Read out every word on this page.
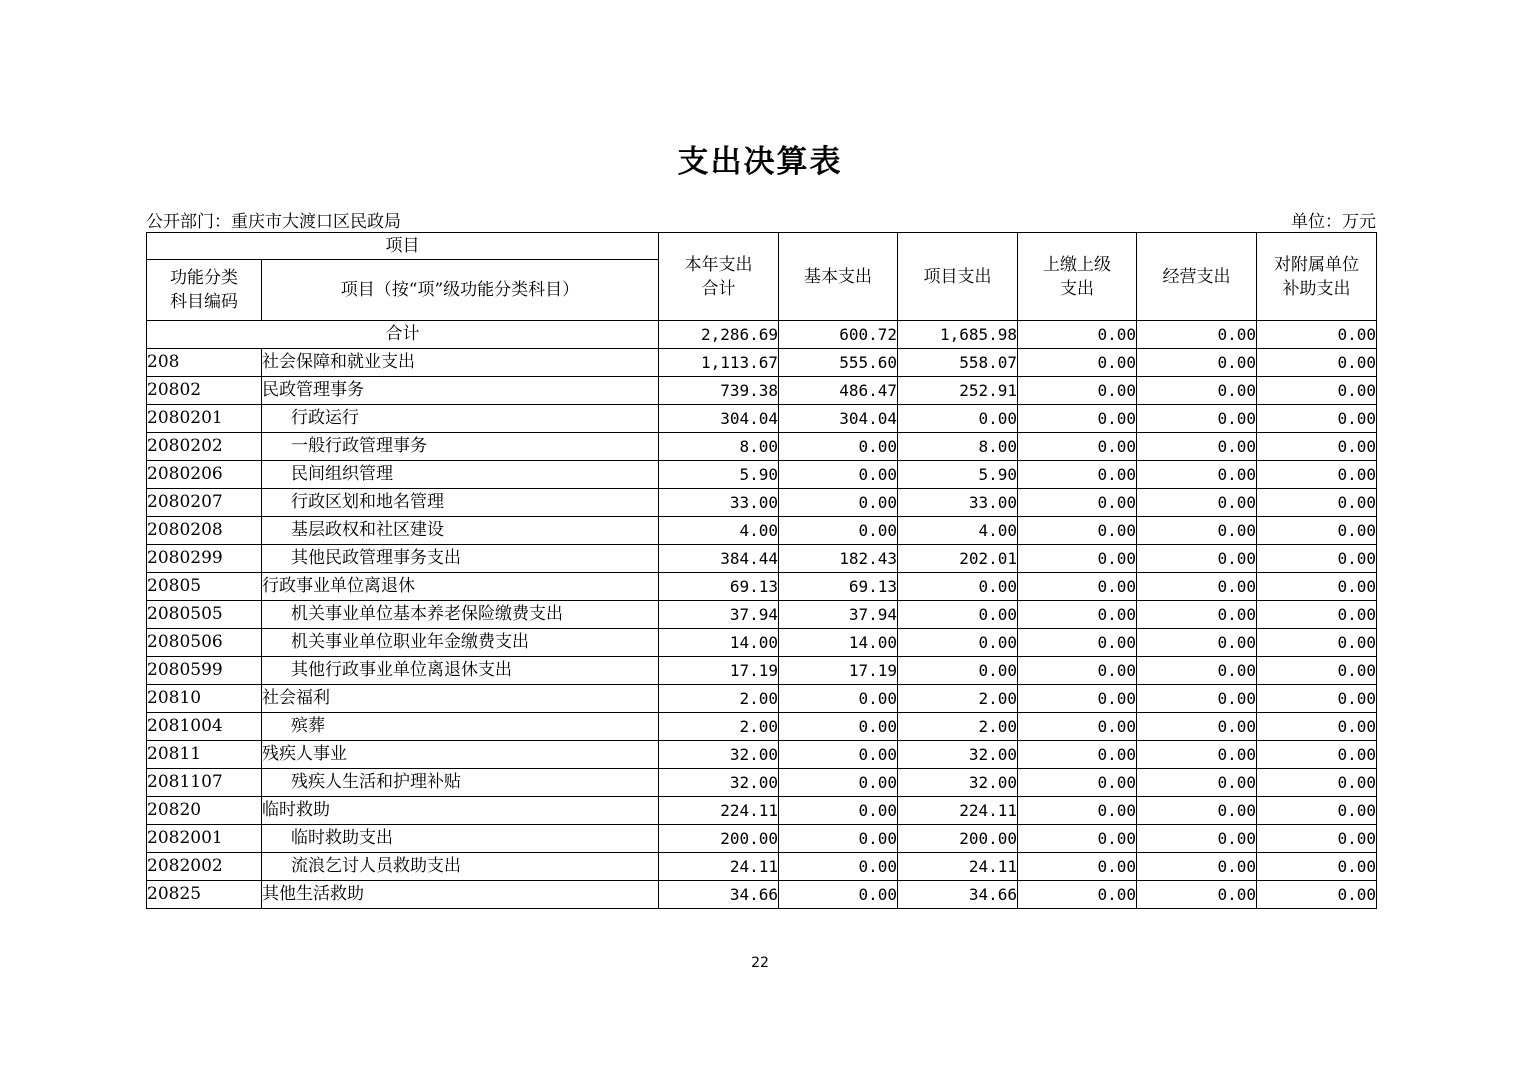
支出决算表
公开部门：重庆市大渡口区民政局	单位：万元
项目		本年支出合计	基本支出	项目支出	上缴上级支出	经营支出	对附属单位补助支出
功能分类科目编码	项目（按“项”级功能分类科目）						
合计		2,286.69	600.72	1,685.98	0.00	0.00	0.00
208	社会保障和就业支出	1,113.67	555.60	558.07	0.00	0.00	0.00
20802	民政管理事务	739.38	486.47	252.91	0.00	0.00	0.00
2080201	行政运行	304.04	304.04	0.00	0.00	0.00	0.00
2080202	一般行政管理事务	8.00	0.00	8.00	0.00	0.00	0.00
2080206	民间组织管理	5.90	0.00	5.90	0.00	0.00	0.00
2080207	行政区划和地名管理	33.00	0.00	33.00	0.00	0.00	0.00
2080208	基层政权和社区建设	4.00	0.00	4.00	0.00	0.00	0.00
2080299	其他民政管理事务支出	384.44	182.43	202.01	0.00	0.00	0.00
20805	行政事业单位离退休	69.13	69.13	0.00	0.00	0.00	0.00
2080505	机关事业单位基本养老保险缴费支出	37.94	37.94	0.00	0.00	0.00	0.00
2080506	机关事业单位职业年金缴费支出	14.00	14.00	0.00	0.00	0.00	0.00
2080599	其他行政事业单位离退休支出	17.19	17.19	0.00	0.00	0.00	0.00
20810	社会福利	2.00	0.00	2.00	0.00	0.00	0.00
2081004	殡葬	2.00	0.00	2.00	0.00	0.00	0.00
20811	残疾人事业	32.00	0.00	32.00	0.00	0.00	0.00
2081107	残疾人生活和护理补贴	32.00	0.00	32.00	0.00	0.00	0.00
20820	临时救助	224.11	0.00	224.11	0.00	0.00	0.00
2082001	临时救助支出	200.00	0.00	200.00	0.00	0.00	0.00
2082002	流浪乞讨人员救助支出	24.11	0.00	24.11	0.00	0.00	0.00
20825	其他生活救助	34.66	0.00	34.66	0.00	0.00	0.00
22
